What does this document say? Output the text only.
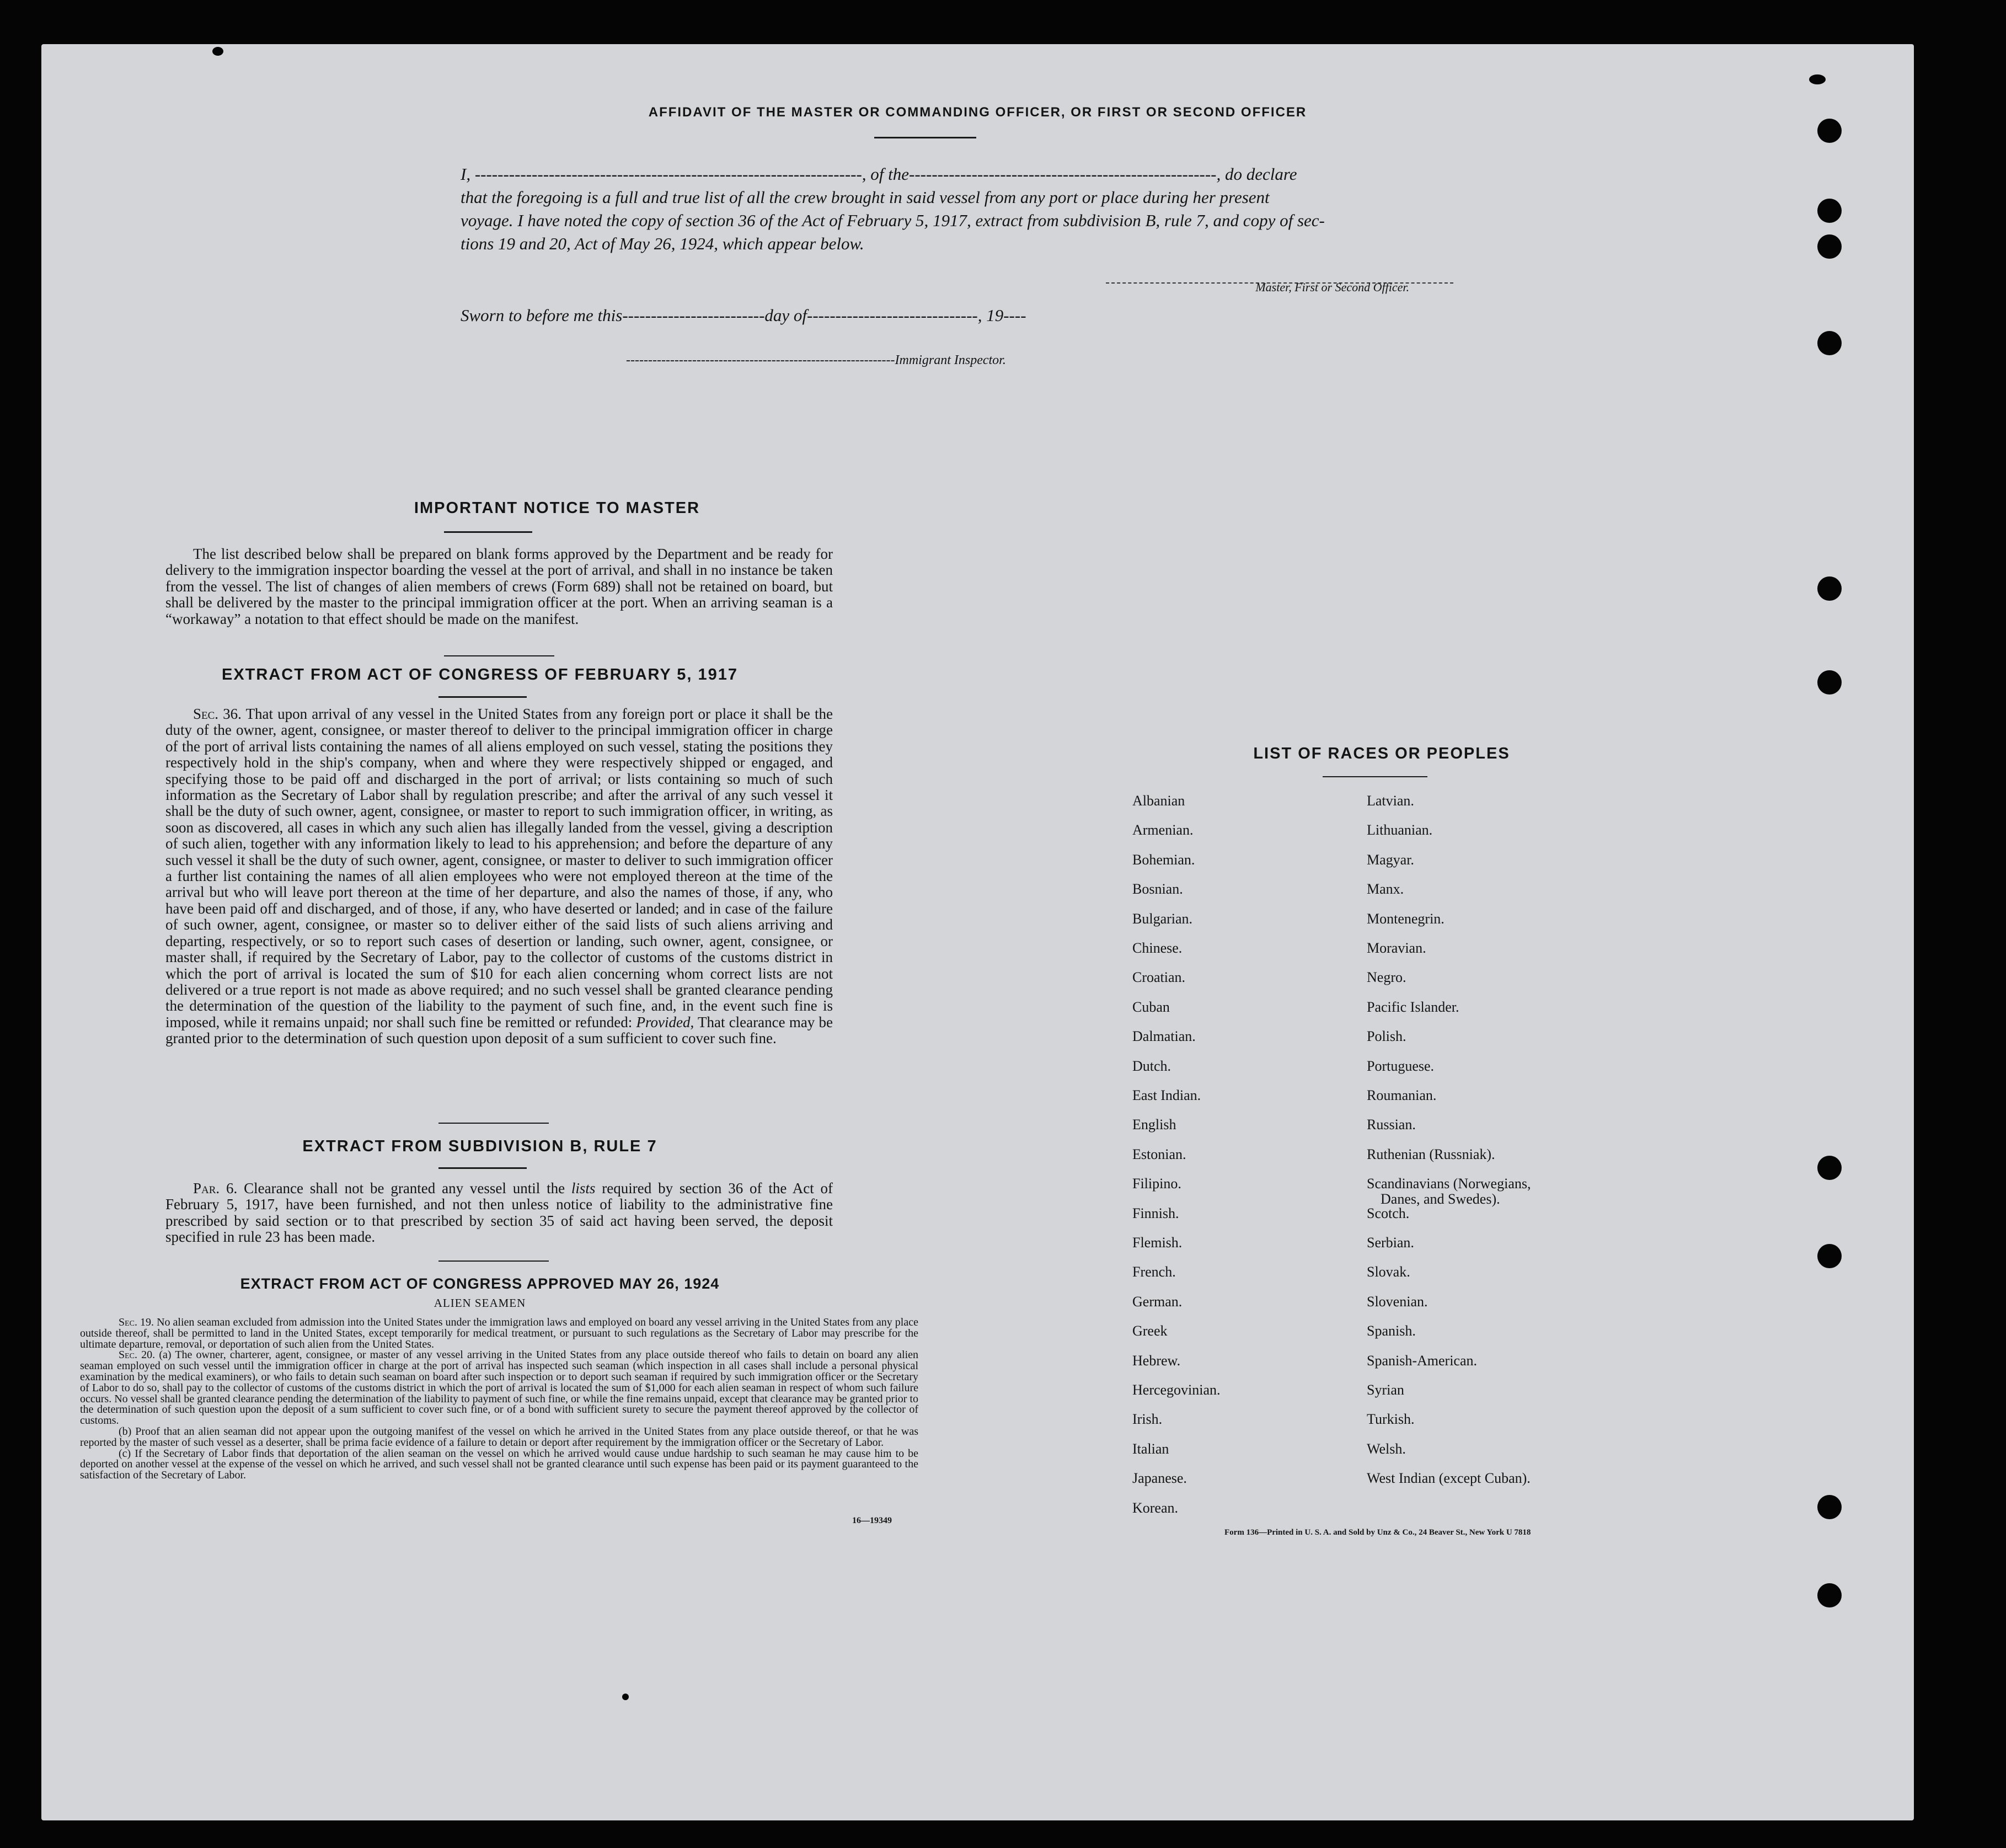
AFFIDAVIT OF THE MASTER OR COMMANDING OFFICER, OR FIRST OR SECOND OFFICER
I, --------------------------------------------------------------------, of the------------------------------------------------------, do declare
that the foregoing is a full and true list of all the crew brought in said vessel from any port or place during her present
voyage. I have noted the copy of section 36 of the Act of February 5, 1917, extract from subdivision B, rule 7, and copy of sec-
tions 19 and 20, Act of May 26, 1924, which appear below.
Master, First or Second Officer.
Sworn to before me this-------------------------day of------------------------------, 19----
-------------------------------------------------------------Immigrant Inspector.
IMPORTANT NOTICE TO MASTER
The list described below shall be prepared on blank forms approved by the Department and be ready for delivery to the immigration inspector boarding the vessel at the port of arrival, and shall in no instance be taken from the vessel. The list of changes of alien members of crews (Form 689) shall not be retained on board, but shall be delivered by the master to the principal immigration officer at the port. When an arriving seaman is a “workaway” a notation to that effect should be made on the manifest.
EXTRACT FROM ACT OF CONGRESS OF FEBRUARY 5, 1917
Sec. 36. That upon arrival of any vessel in the United States from any foreign port or place it shall be the duty of the owner, agent, consignee, or master thereof to deliver to the principal immigration officer in charge of the port of arrival lists containing the names of all aliens employed on such vessel, stating the positions they respectively hold in the ship's company, when and where they were respectively shipped or engaged, and specifying those to be paid off and discharged in the port of arrival; or lists containing so much of such information as the Secretary of Labor shall by regulation prescribe; and after the arrival of any such vessel it shall be the duty of such owner, agent, consignee, or master to report to such immigration officer, in writing, as soon as discovered, all cases in which any such alien has illegally landed from the vessel, giving a description of such alien, together with any information likely to lead to his apprehension; and before the departure of any such vessel it shall be the duty of such owner, agent, consignee, or master to deliver to such immigration officer a further list containing the names of all alien employees who were not employed thereon at the time of the arrival but who will leave port thereon at the time of her departure, and also the names of those, if any, who have been paid off and discharged, and of those, if any, who have deserted or landed; and in case of the failure of such owner, agent, consignee, or master so to deliver either of the said lists of such aliens arriving and departing, respectively, or so to report such cases of desertion or landing, such owner, agent, consignee, or master shall, if required by the Secretary of Labor, pay to the collector of customs of the customs district in which the port of arrival is located the sum of $10 for each alien concerning whom correct lists are not delivered or a true report is not made as above required; and no such vessel shall be granted clearance pending the determination of the question of the liability to the payment of such fine, and, in the event such fine is imposed, while it remains unpaid; nor shall such fine be remitted or refunded: Provided, That clearance may be granted prior to the determination of such question upon deposit of a sum sufficient to cover such fine.
EXTRACT FROM SUBDIVISION B, RULE 7
Par. 6. Clearance shall not be granted any vessel until the lists required by section 36 of the Act of February 5, 1917, have been furnished, and not then unless notice of liability to the administrative fine prescribed by said section or to that prescribed by section 35 of said act having been served, the deposit specified in rule 23 has been made.
EXTRACT FROM ACT OF CONGRESS APPROVED MAY 26, 1924
ALIEN SEAMEN
Sec. 19. No alien seaman excluded from admission into the United States under the immigration laws and employed on board any vessel arriving in the United States from any place outside thereof, shall be permitted to land in the United States, except temporarily for medical treatment, or pursuant to such regulations as the Secretary of Labor may prescribe for the ultimate departure, removal, or deportation of such alien from the United States.
Sec. 20. (a) The owner, charterer, agent, consignee, or master of any vessel arriving in the United States from any place outside thereof who fails to detain on board any alien seaman employed on such vessel until the immigration officer in charge at the port of arrival has inspected such seaman (which inspection in all cases shall include a personal physical examination by the medical examiners), or who fails to detain such seaman on board after such inspection or to deport such seaman if required by such immigration officer or the Secretary of Labor to do so, shall pay to the collector of customs of the customs district in which the port of arrival is located the sum of $1,000 for each alien seaman in respect of whom such failure occurs. No vessel shall be granted clearance pending the determination of the liability to payment of such fine, or while the fine remains unpaid, except that clearance may be granted prior to the determination of such question upon the deposit of a sum sufficient to cover such fine, or of a bond with sufficient surety to secure the payment thereof approved by the collector of customs.
(b) Proof that an alien seaman did not appear upon the outgoing manifest of the vessel on which he arrived in the United States from any place outside thereof, or that he was reported by the master of such vessel as a deserter, shall be prima facie evidence of a failure to detain or deport after requirement by the immigration officer or the Secretary of Labor.
(c) If the Secretary of Labor finds that deportation of the alien seaman on the vessel on which he arrived would cause undue hardship to such seaman he may cause him to be deported on another vessel at the expense of the vessel on which he arrived, and such vessel shall not be granted clearance until such expense has been paid or its payment guaranteed to the satisfaction of the Secretary of Labor.
16—19349
LIST OF RACES OR PEOPLES
Albanian
Armenian.
Bohemian.
Bosnian.
Bulgarian.
Chinese.
Croatian.
Cuban
Dalmatian.
Dutch.
East Indian.
English
Estonian.
Filipino.
Finnish.
Flemish.
French.
German.
Greek
Hebrew.
Hercegovinian.
Irish.
Italian
Japanese.
Korean.
Latvian.
Lithuanian.
Magyar.
Manx.
Montenegrin.
Moravian.
Negro.
Pacific Islander.
Polish.
Portuguese.
Roumanian.
Russian.
Ruthenian (Russniak).
Scandinavians (Norwegians,
Danes, and Swedes).
Scotch.
Serbian.
Slovak.
Slovenian.
Spanish.
Spanish-American.
Syrian
Turkish.
Welsh.
West Indian (except Cuban).
Form 136—Printed in U. S. A. and Sold by Unz & Co., 24 Beaver St., New York U 7818
